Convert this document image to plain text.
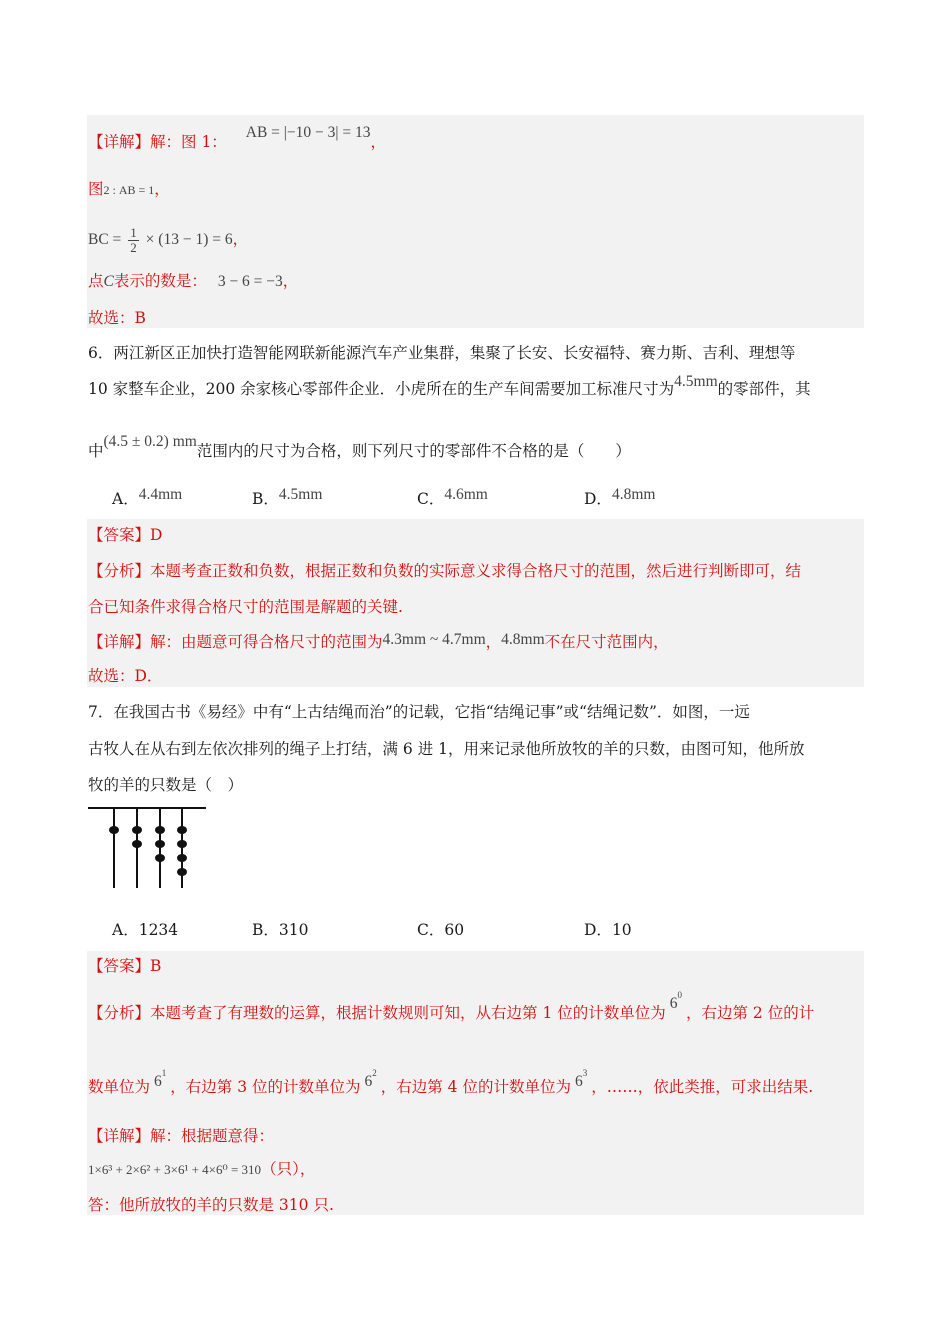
【详解】解：图 1： AB = |−10 − 3| = 13，
图2 : AB = 1，
BC = $\frac{1}{2} \times (13 - 1) = 6$，
点C表示的数是： 3 − 6 = −3，
故选：B
6．两江新区正加快打造智能网联新能源汽车产业集群，集聚了长安、长安福特、赛力斯、吉利、理想等
10 家整车企业，200 余家核心零部件企业．小虎所在的生产车间需要加工标准尺寸为4.5mm的零部件，其
中(4.5 ± 0.2) mm范围内的尺寸为合格，则下列尺寸的零部件不合格的是（　　）
A．4.4mm	B．4.5mm	C．4.6mm	D．4.8mm
【答案】D
【分析】本题考查正数和负数，根据正数和负数的实际意义求得合格尺寸的范围，然后进行判断即可，结
合已知条件求得合格尺寸的范围是解题的关键.
【详解】解：由题意可得合格尺寸的范围为4.3mm ~ 4.7mm，4.8mm不在尺寸范围内，
故选：D．
7．在我国古书《易经》中有“上古结绳而治”的记载，它指“结绳记事”或“结绳记数”．如图，一远
古牧人在从右到左依次排列的绳子上打结，满 6 进 1，用来记录他所放牧的羊的只数，由图可知，他所放
牧的羊的只数是（　）
A．1234	B．310	C．60	D．10
【答案】B
【分析】本题考查了有理数的运算，根据计数规则可知，从右边第 1 位的计数单位为$6^0$，右边第 2 位的计
数单位为 $6^1$，右边第 3 位的计数单位为 $6^2$，右边第 4 位的计数单位为 $6^3$，……，依此类推，可求出结果.
【详解】解：根据题意得：
1×6³ + 2×6² + 3×6¹ + 4×6⁰ = 310（只），
答：他所放牧的羊的只数是 310 只.
